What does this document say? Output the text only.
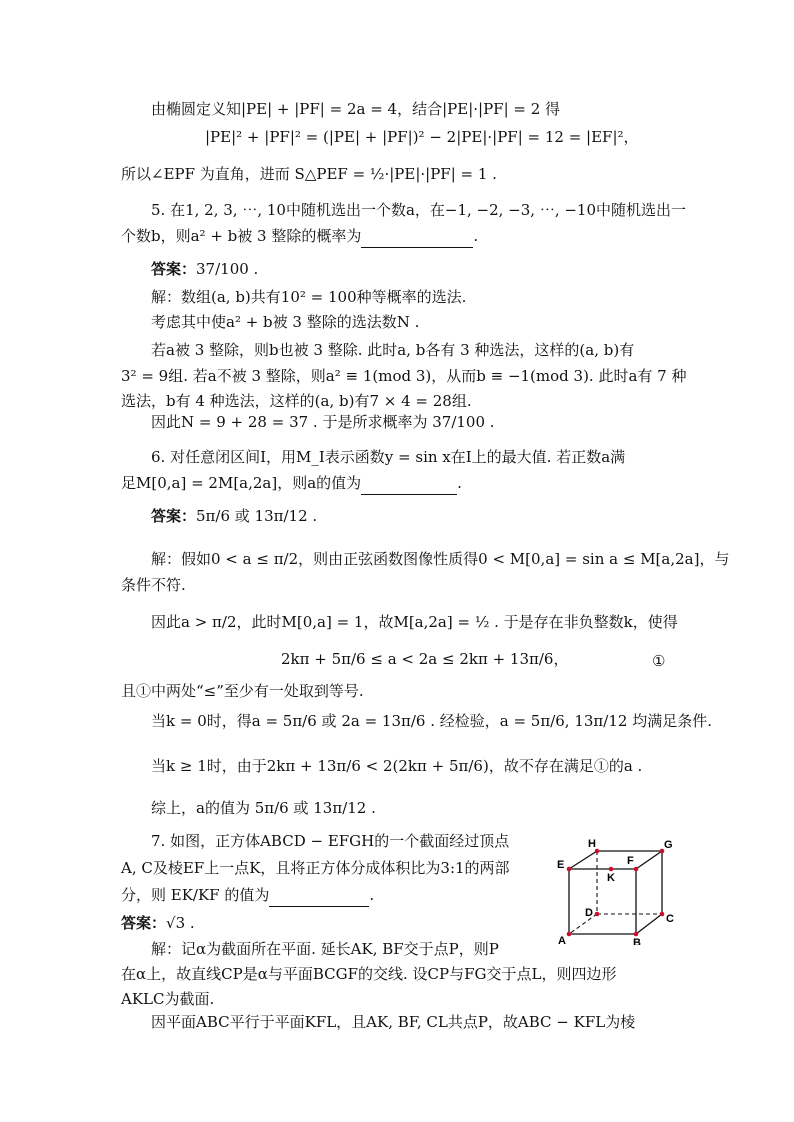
由椭圆定义知|PE| + |PF| = 2a = 4，结合|PE|·|PF| = 2 得
|PE|² + |PF|² = (|PE| + |PF|)² − 2|PE|·|PF| = 12 = |EF|²，
所以∠EPF 为直角，进而 S△PEF = ½·|PE|·|PF| = 1 .
5. 在1, 2, 3, ⋯, 10中随机选出一个数a，在−1, −2, −3, ⋯, −10中随机选出一
个数b，则a² + b被 3 整除的概率为	.
答案：37/100 .
解：数组(a, b)共有10² = 100种等概率的选法.
考虑其中使a² + b被 3 整除的选法数N .
若a被 3 整除，则b也被 3 整除. 此时a, b各有 3 种选法，这样的(a, b)有
3² = 9组. 若a不被 3 整除，则a² ≡ 1(mod 3)，从而b ≡ −1(mod 3). 此时a有 7 种
选法，b有 4 种选法，这样的(a, b)有7 × 4 = 28组.
因此N = 9 + 28 = 37 . 于是所求概率为 37/100 .
6. 对任意闭区间I，用M_I表示函数y = sin x在I上的最大值. 若正数a满
足M[0,a] = 2M[a,2a]，则a的值为	.
答案：5π/6 或 13π/12 .
解：假如0 < a ≤ π/2，则由正弦函数图像性质得0 < M[0,a] = sin a ≤ M[a,2a]，与
条件不符.
因此a > π/2，此时M[0,a] = 1，故M[a,2a] = ½ . 于是存在非负整数k，使得
2kπ + 5π/6 ≤ a < 2a ≤ 2kπ + 13π/6，	①
且①中两处“≤”至少有一处取到等号.
当k = 0时，得a = 5π/6 或 2a = 13π/6 . 经检验，a = 5π/6, 13π/12 均满足条件.
当k ≥ 1时，由于2kπ + 13π/6 < 2(2kπ + 5π/6)，故不存在满足①的a .
综上，a的值为 5π/6 或 13π/12 .
7. 如图，正方体ABCD − EFGH的一个截面经过顶点
A, C及棱EF上一点K，且将正方体分成体积比为3:1的两部
分，则 EK/KF 的值为	.
答案：√3 .
解：记α为截面所在平面. 延长AK, BF交于点P，则P
在α上，故直线CP是α与平面BCGF的交线. 设CP与FG交于点L，则四边形
AKLC为截面.
因平面ABC平行于平面KFL，且AK, BF, CL共点P，故ABC − KFL为棱
H	G
E	F
K
D	C
A	B
